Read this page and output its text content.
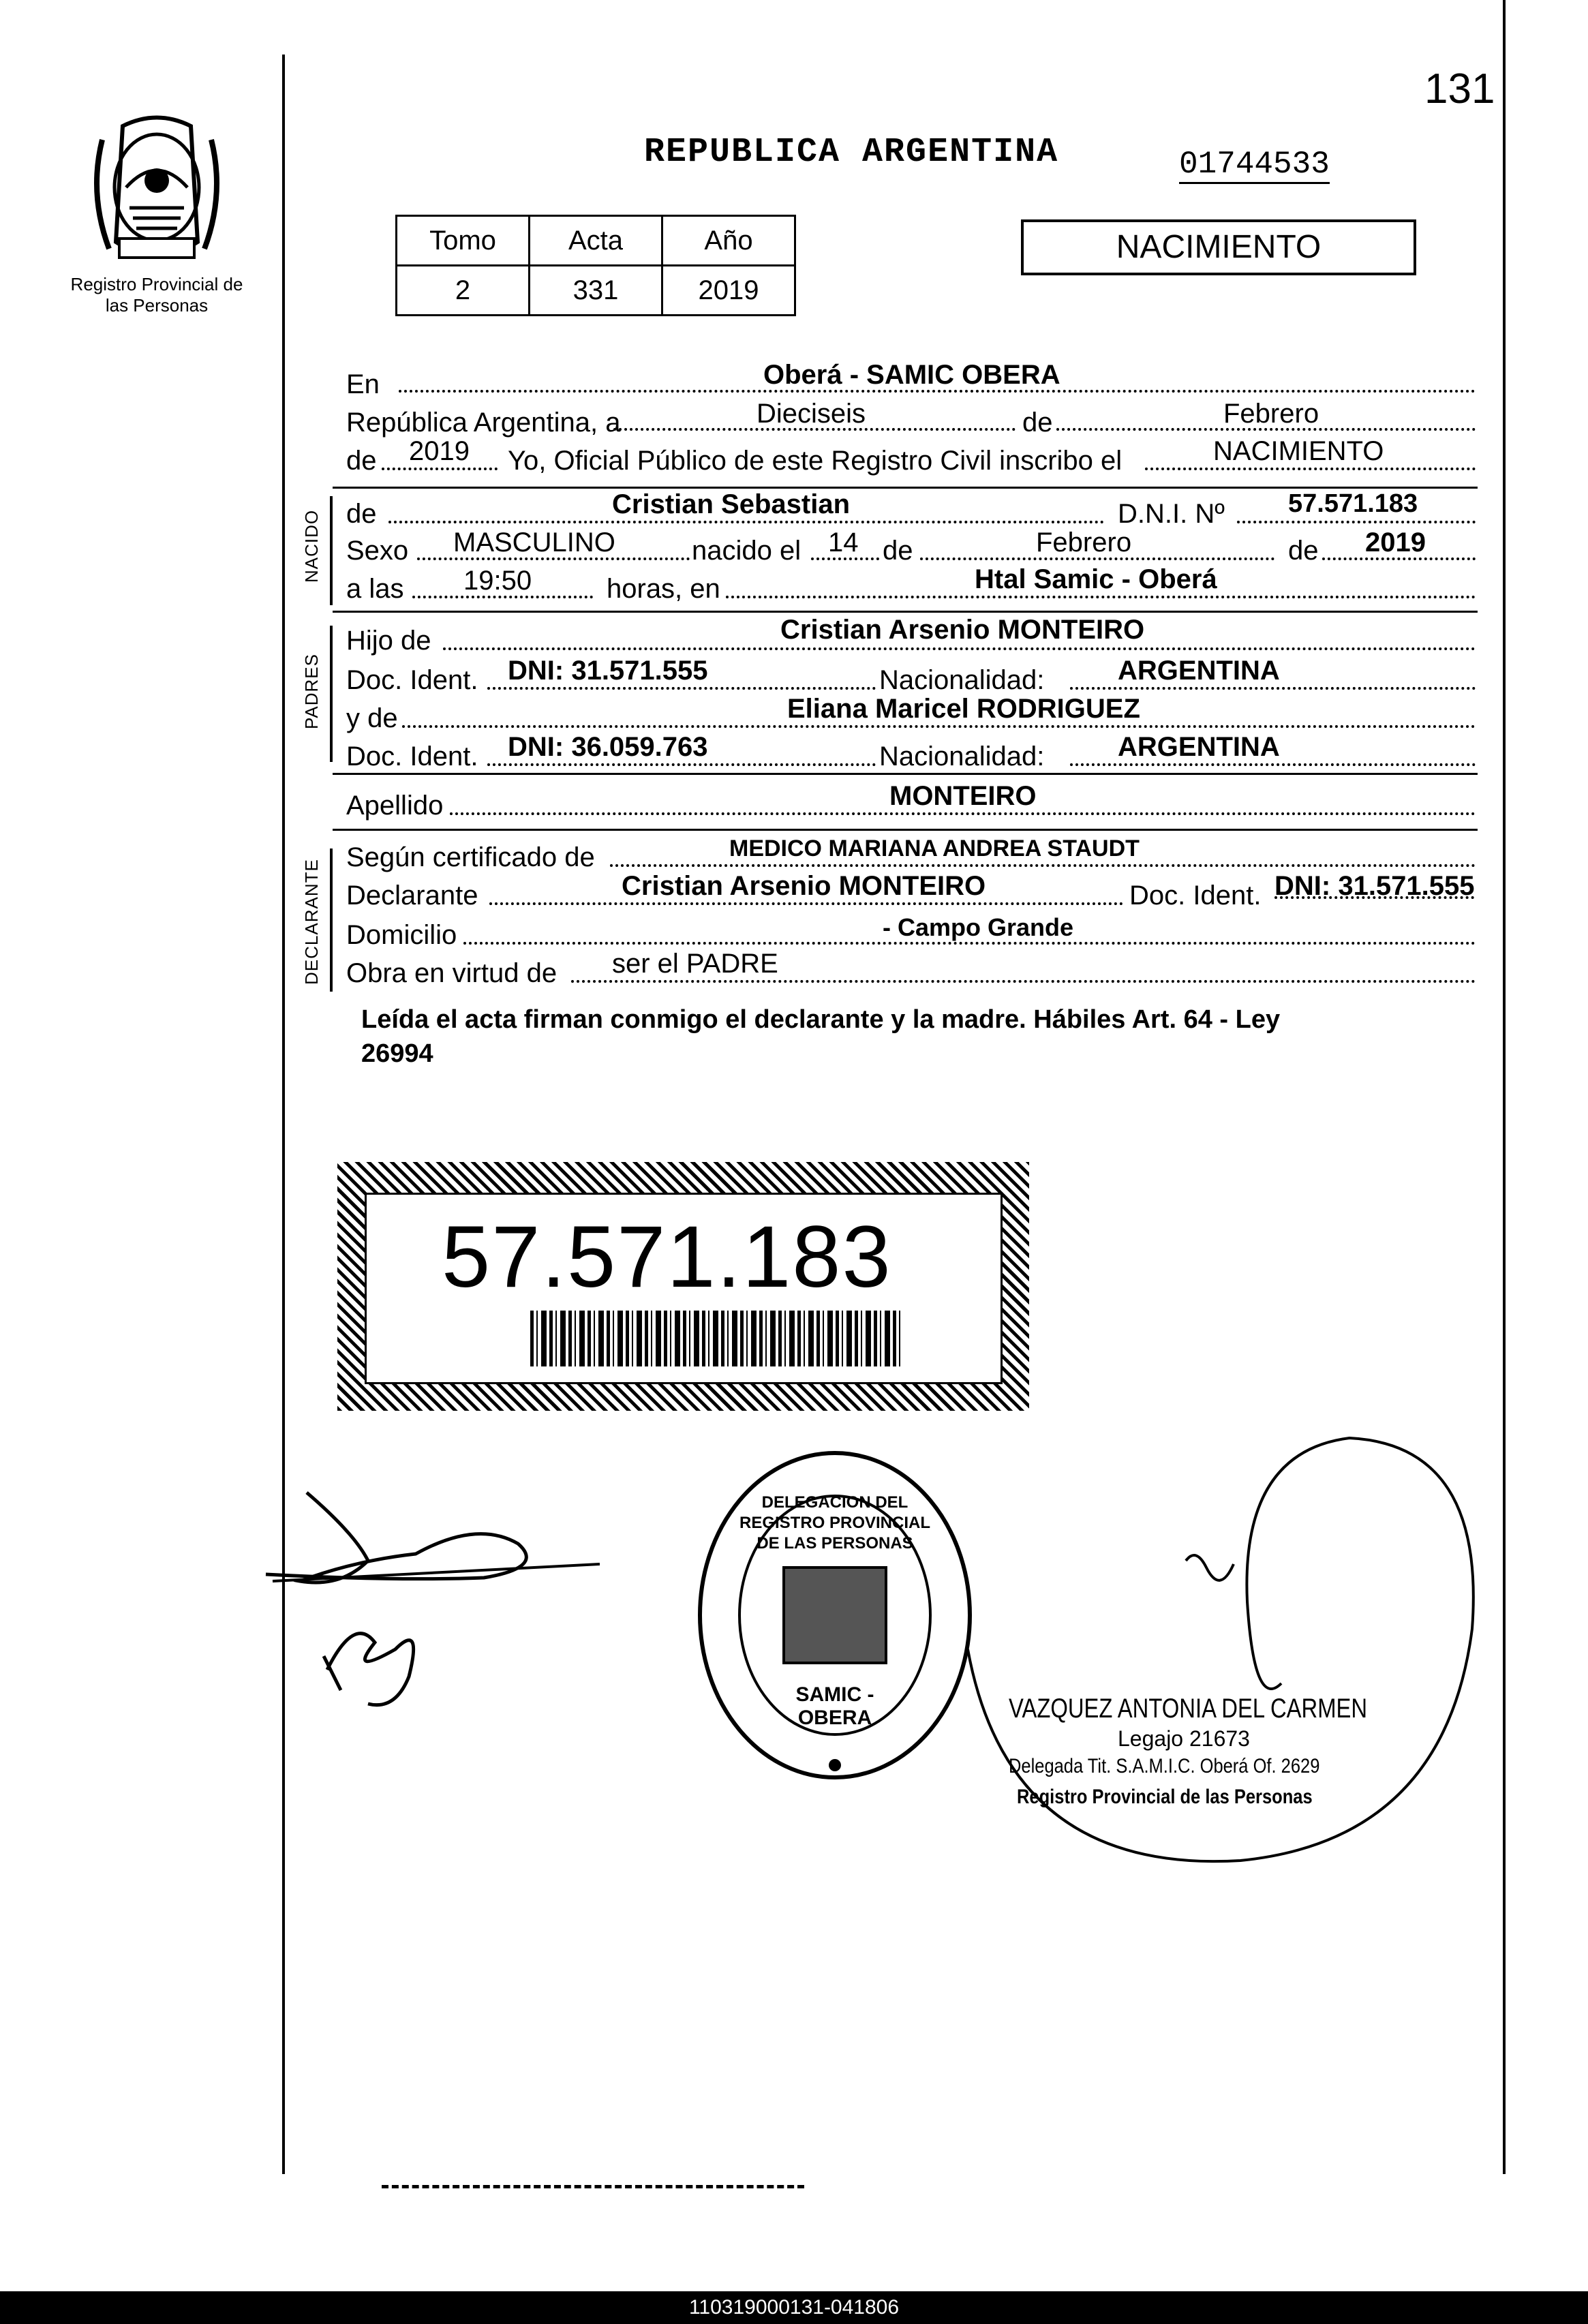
131
Registro Provincial de las Personas
REPUBLICA ARGENTINA	01744533
Tomo	Acta	Año
2	331	2019
NACIMIENTO
NACIDO
PADRES
DECLARANTE
En	Oberá - SAMIC OBERA
República Argentina, a	Dieciseis	de	Febrero
de 2019 Yo, Oficial Público de este Registro Civil inscribo el	NACIMIENTO
de	Cristian Sebastian	D.N.I. Nº 57.571.183
Sexo MASCULINO	nacido el 14 de	Febrero	de 2019
a las 19:50	horas, en	Htal Samic - Oberá
Hijo de	Cristian Arsenio MONTEIRO
Doc. Ident. DNI: 31.571.555	Nacionalidad:	ARGENTINA
y de	Eliana Maricel RODRIGUEZ
Doc. Ident. DNI: 36.059.763	Nacionalidad:	ARGENTINA
Apellido	MONTEIRO
Según certificado de	MEDICO MARIANA ANDREA STAUDT
Declarante	Cristian Arsenio MONTEIRO	Doc. Ident. DNI: 31.571.555
Domicilio	- Campo Grande
Obra en virtud de ser el PADRE
Leída el acta firman conmigo el declarante y la madre. Hábiles Art. 64 - Ley
26994
57.571.183
DELEGACION DEL REGISTRO PROVINCIAL DE LAS PERSONAS
SAMIC - OBERA	VAZQUEZ ANTONIA DEL CARMEN
Legajo 21673
Delegada Tit. S.A.M.I.C. Oberá Of. 2629
Registro Provincial de las Personas
110319000131-041806
